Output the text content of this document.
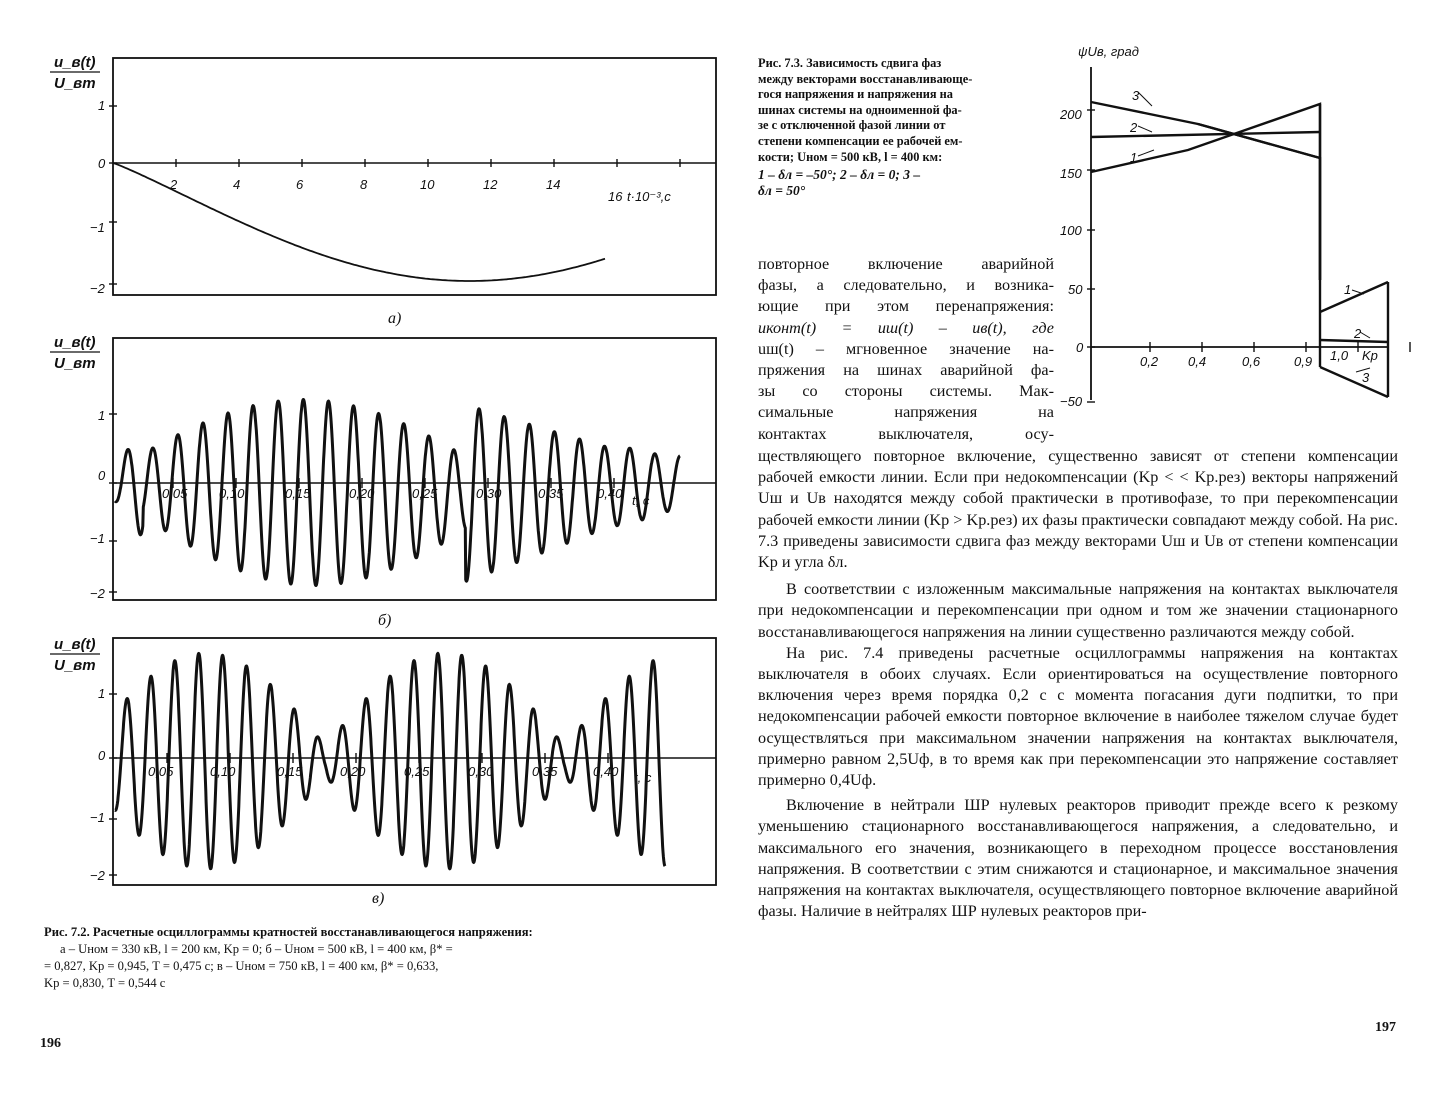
u_в(t)
U_вm
1
0
−1
−2
2	4	6	8	10	12	14
16 t·10⁻³,c
а)
u_в(t)
U_вm
1
0
−1
−2
0,05 0,10	0,15	0,20	0,25	0,30	0,35	0,40 t, c
б)
u_в(t)
U_вm
1
0
−1
−2
0,05	0,10	0,15	0,20	0,25	0,30	0,35	0,40 t, c
в)
Рис. 7.2. Расчетные осциллограммы кратностей восстанавливающегося напряжения:
а – Uном = 330 кВ, l = 200 км, Kр = 0; б – Uном = 500 кВ, l = 400 км, β* =
= 0,827, Kр = 0,945, T = 0,475 с; в – Uном = 750 кВ, l = 400 км, β* = 0,633,
Kр = 0,830, T = 0,544 с
196
Рис. 7.3. Зависимость сдвига фаз
между векторами восстанавливающе-
гося напряжения и напряжения на
шинах системы на одноименной фа-
зе с отключенной фазой линии от
степени компенсации ее рабочей ем-
кости; Uном = 500 кВ, l = 400 км:
1 – δл = –50°; 2 – δл = 0; 3 –
δл = 50°
ψUв, град
200
150
100
50
0
−50
0,2 0,4	0,6	0,9 1,0 Kр
3
2
1
1
2
3

повторное включение аварийной

фазы, а следовательно, и возника-

ющие при этом перенапряжения:

uконт(t) = uш(t) – uв(t), где

uш(t) – мгновенное значение на-

пряжения на шинах аварийной фа-

зы со стороны системы. Мак-

симальные напряжения на

контактах выключателя, осу-

ществляющего повторное включение, существенно зависят от степени компенсации рабочей емкости линии. Если при недокомпенсации (Kр < < Kр.рез) векторы напряжений Uш и Uв находятся между собой практически в противофазе, то при перекомпенсации рабочей емкости линии (Kр > Kр.рез) их фазы практически совпадают между собой. На рис. 7.3 приведены зависимости сдвига фаз между векторами Uш и Uв от степени компенсации Kр и угла δл.

В соответствии с изложенным максимальные напряжения на контактах выключателя при недокомпенсации и перекомпенсации при одном и том же значении стационарного восстанавливающегося напряжения на линии существенно различаются между собой.

На рис. 7.4 приведены расчетные осциллограммы напряжения на контактах выключателя в обоих случаях. Если ориентироваться на осуществление повторного включения через время порядка 0,2 с с момента погасания дуги подпитки, то при недокомпенсации рабочей емкости повторное включение в наиболее тяжелом случае будет осуществляться при максимальном значении напряжения на контактах выключателя, примерно равном 2,5Uф, в то время как при перекомпенсации это напряжение составляет примерно 0,4Uф.

Включение в нейтрали ШР нулевых реакторов приводит прежде всего к резкому уменьшению стационарного восстанавливающегося напряжения, а следовательно, и максимального его значения, возникающего в переходном процессе восстановления напряжения. В соответствии с этим снижаются и стационарное, и максимальное значения напряжения на контактах выключателя, осуществляющего повторное включение аварийной фазы. Наличие в нейтралях ШР нулевых реакторов при-

197
